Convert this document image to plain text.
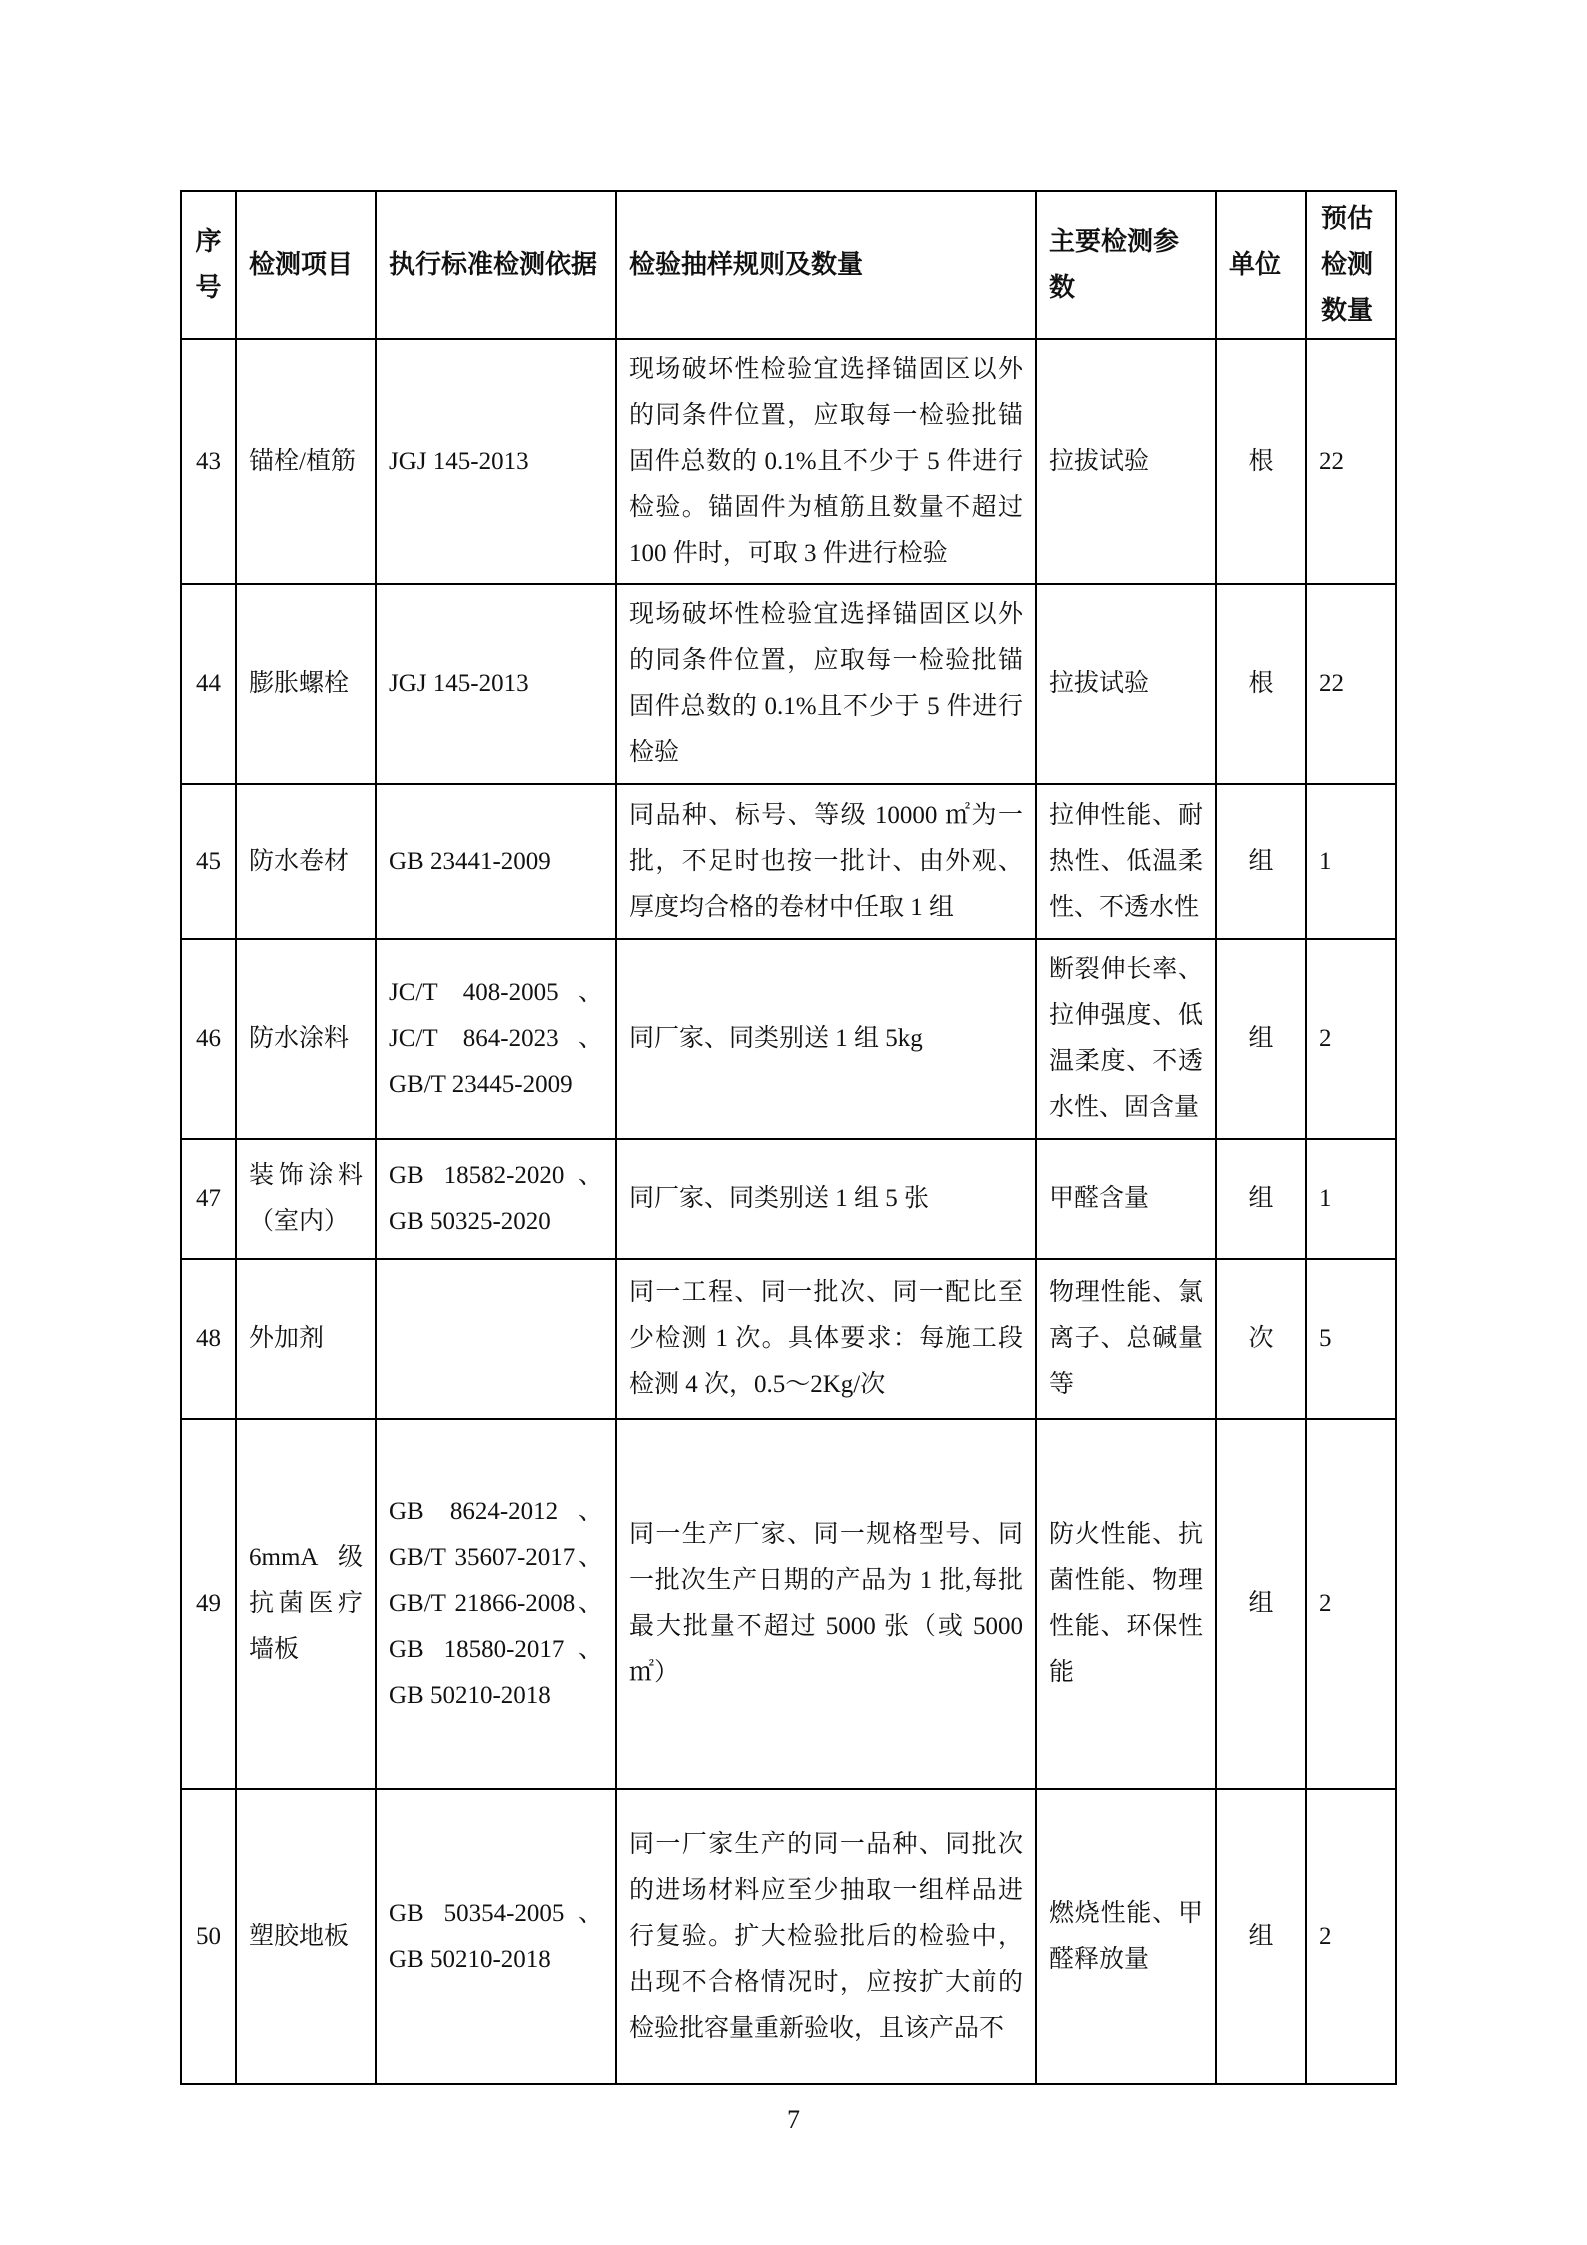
序号	检测项目	执行标准检测依据	检验抽样规则及数量	主要检测参数	单位	预估检测数量
43	锚栓/植筋	JGJ 145-2013	现场破坏性检验宜选择锚固区以外的同条件位置，应取每一检验批锚固件总数的 0.1%且不少于 5 件进行检验。锚固件为植筋且数量不超过 100 件时，可取 3 件进行检验	拉拔试验	根	22
44	膨胀螺栓	JGJ 145-2013	现场破坏性检验宜选择锚固区以外的同条件位置，应取每一检验批锚固件总数的 0.1%且不少于 5 件进行检验	拉拔试验	根	22
45	防水卷材	GB 23441-2009	同品种、标号、等级 10000 ㎡为一批，不足时也按一批计、由外观、厚度均合格的卷材中任取 1 组	拉伸性能、耐热性、低温柔性、不透水性	组	1
46	防水涂料	JC/T 408-2005、JC/T 864-2023、GB/T 23445-2009	同厂家、同类别送 1 组 5kg	断裂伸长率、拉伸强度、低温柔度、不透水性、固含量	组	2
47	装饰涂料（室内）	GB 18582-2020、GB 50325-2020	同厂家、同类别送 1 组 5 张	甲醛含量	组	1
48	外加剂		同一工程、同一批次、同一配比至少检测 1 次。具体要求：每施工段检测 4 次，0.5～2Kg/次	物理性能、氯离子、总碱量等	次	5
49	6mmA 级抗菌医疗墙板	GB 8624-2012、GB/T 35607-2017、GB/T 21866-2008、GB 18580-2017、GB 50210-2018	同一生产厂家、同一规格型号、同一批次生产日期的产品为 1 批,每批最大批量不超过 5000 张（或 5000 ㎡）	防火性能、抗菌性能、物理性能、环保性能	组	2
50	塑胶地板	GB 50354-2005、GB 50210-2018	同一厂家生产的同一品种、同批次的进场材料应至少抽取一组样品进行复验。扩大检验批后的检验中，出现不合格情况时，应按扩大前的检验批容量重新验收，且该产品不	燃烧性能、甲醛释放量	组	2
7
